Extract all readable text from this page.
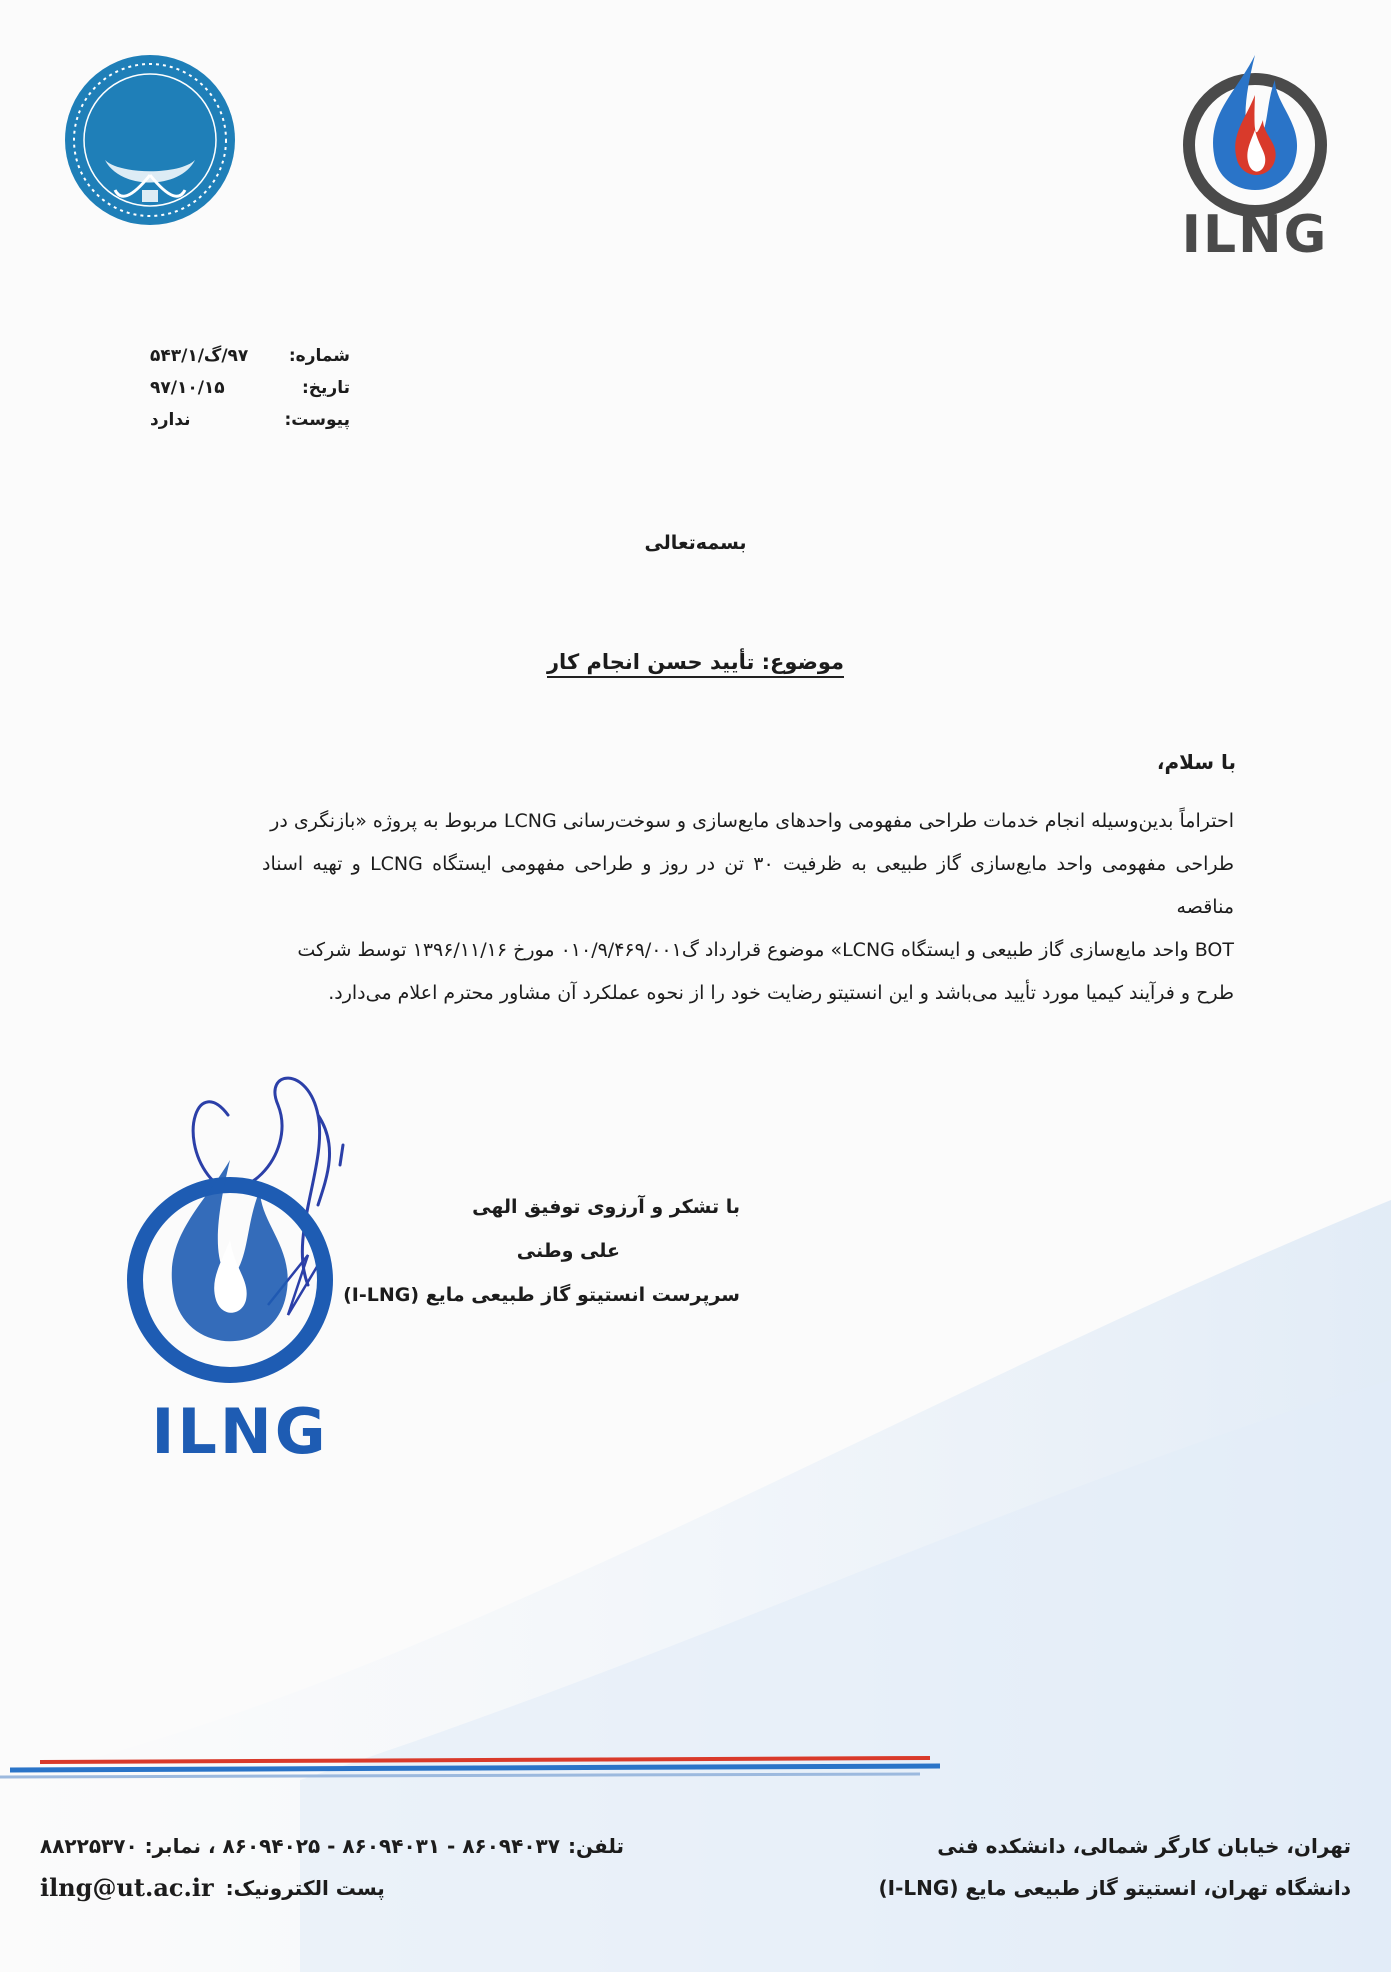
ILNG
شماره:
۹۷/گ/۵۴۳/۱
تاریخ:
۹۷/۱۰/۱۵
پیوست:
ندارد
بسمه‌تعالی
موضوع: تأیید حسن انجام کار
با سلام،
احتراماً بدین‌وسیله انجام خدمات طراحی مفهومی واحدهای مایع‌سازی و سوخت‌رسانی LCNG مربوط به پروژه «بازنگری در
طراحی مفهومی واحد مایع‌سازی گاز طبیعی به ظرفیت ۳۰ تن در روز و طراحی مفهومی ایستگاه LCNG و تهیه اسناد مناقصه
BOT واحد مایع‌سازی گاز طبیعی و ایستگاه LCNG» موضوع قرارداد گ۰۱۰/۹/۴۶۹/۰۰۱ مورخ ۱۳۹۶/۱۱/۱۶ توسط شرکت
طرح و فرآیند کیمیا مورد تأیید می‌باشد و این انستیتو رضایت خود را از نحوه عملکرد آن مشاور محترم اعلام می‌دارد.
ILNG
با تشکر و آرزوی توفیق الهی
علی وطنی
سرپرست انستیتو گاز طبیعی مایع (I-LNG)
تهران، خیابان کارگر شمالی، دانشکده فنی
دانشگاه تهران، انستیتو گاز طبیعی مایع (I-LNG)
تلفن:
۸۶۰۹۴۰۳۷ - ۸۶۰۹۴۰۳۱ - ۸۶۰۹۴۰۲۵ ، نمابر: ۸۸۲۲۵۳۷۰
پست الکترونیک:
ilng@ut.ac.ir
